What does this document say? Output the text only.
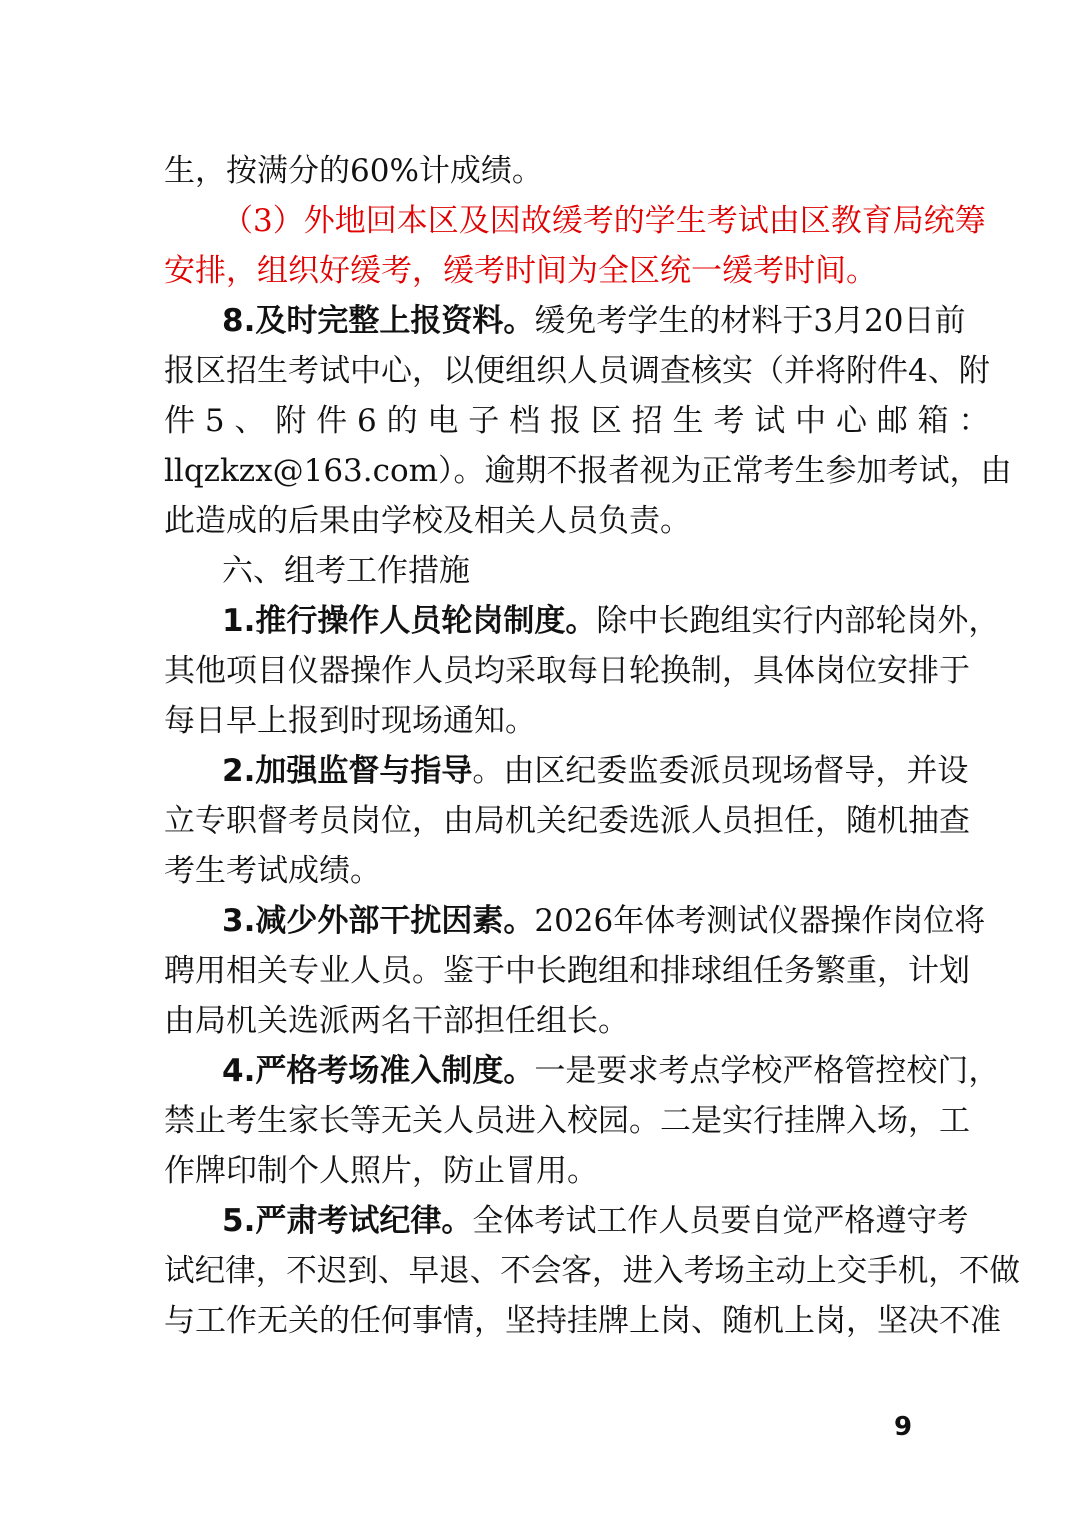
生，按满分的60%计成绩。
（3）外地回本区及因故缓考的学生考试由区教育局统筹
安排，组织好缓考，缓考时间为全区统一缓考时间。
8.及时完整上报资料。缓免考学生的材料于3月20日前
报区招生考试中心，以便组织人员调查核实（并将附件4、附
件 5 、 附 件 6 的 电 子 档 报 区 招 生 考 试 中 心 邮 箱 ：
llqzkzx@163.com）。逾期不报者视为正常考生参加考试，由
此造成的后果由学校及相关人员负责。
六、组考工作措施
1.推行操作人员轮岗制度。除中长跑组实行内部轮岗外，
其他项目仪器操作人员均采取每日轮换制，具体岗位安排于
每日早上报到时现场通知。
2.加强监督与指导。由区纪委监委派员现场督导，并设
立专职督考员岗位，由局机关纪委选派人员担任，随机抽查
考生考试成绩。
3.减少外部干扰因素。2026年体考测试仪器操作岗位将
聘用相关专业人员。鉴于中长跑组和排球组任务繁重，计划
由局机关选派两名干部担任组长。
4.严格考场准入制度。一是要求考点学校严格管控校门，
禁止考生家长等无关人员进入校园。二是实行挂牌入场，工
作牌印制个人照片，防止冒用。
5.严肃考试纪律。全体考试工作人员要自觉严格遵守考
试纪律，不迟到、早退、不会客，进入考场主动上交手机，不做
与工作无关的任何事情，坚持挂牌上岗、随机上岗，坚决不准
9
